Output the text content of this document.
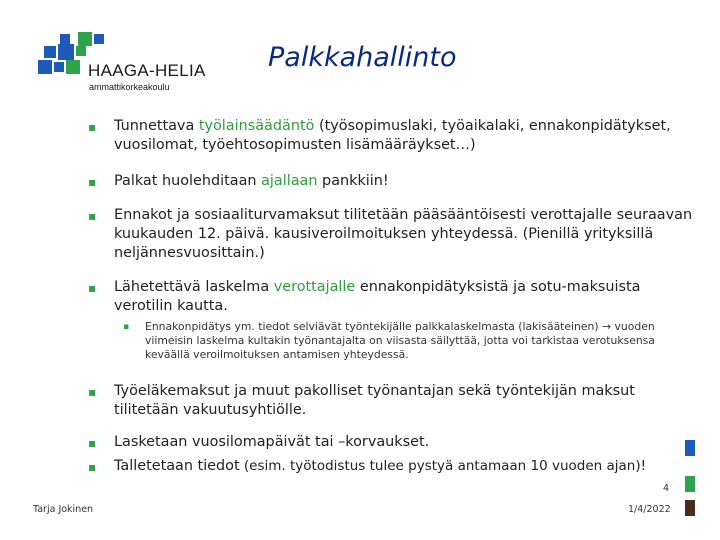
HAAGA-HELIA
ammattikorkeakoulu
Palkkahallinto
▪ Tunnettava työlainsäädäntö (työsopimuslaki, työaikalaki, ennakonpidätykset, vuosilomat, työehtosopimusten lisämääräykset…)
▪ Palkat huolehditaan ajallaan pankkiin!
▪ Ennakot ja sosiaaliturvamaksut tilitetään pääsääntöisesti verottajalle seuraavan kuukauden 12. päivä. kausiveroilmoituksen yhteydessä. (Pienillä yrityksillä neljännesvuosittain.)
▪ Lähetettävä laskelma verottajalle ennakonpidätyksistä ja sotu-maksuista verotilin kautta.
▪ Ennakonpidätys ym. tiedot selviävät työntekijälle palkkalaskelmasta (lakisääteinen) → vuoden viimeisin laskelma kultakin työnantajalta on viisasta säilyttää, jotta voi tarkistaa verotuksensa keväällä veroilmoituksen antamisen yhteydessä.
▪ Työeläkemaksut ja muut pakolliset työnantajan sekä työntekijän maksut tilitetään vakuutusyhtiölle.
▪ Lasketaan vuosilomapäivät tai –korvaukset.
▪ Talletetaan tiedot (esim. työtodistus tulee pystyä antamaan 10 vuoden ajan)!
4
Tarja Jokinen	1/4/2022
